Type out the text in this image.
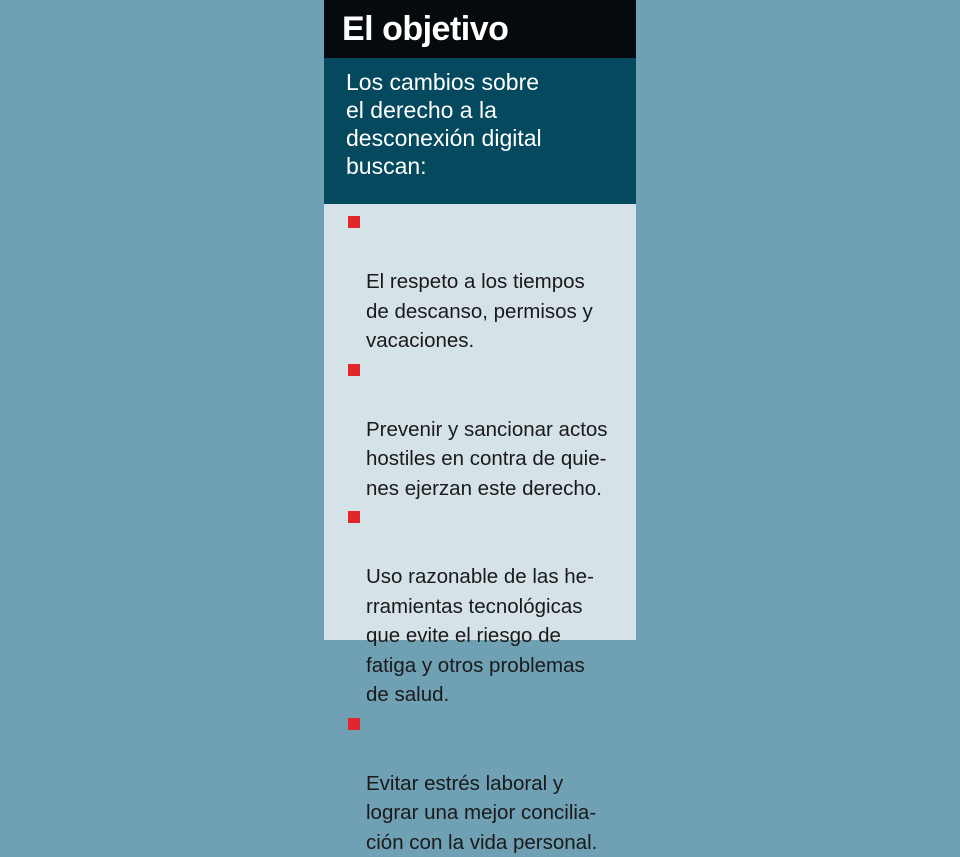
El objetivo
Los cambios sobre
el derecho a la
desconexión digital
buscan:

El respeto a los tiempos
de descanso, permisos y
vacaciones.

Prevenir y sancionar actos
hostiles en contra de quie-
nes ejerzan este derecho.

Uso razonable de las he-
rramientas tecnológicas
que evite el riesgo de
fatiga y otros problemas
de salud.

Evitar estrés laboral y
lograr una mejor concilia-
ción con la vida personal.
